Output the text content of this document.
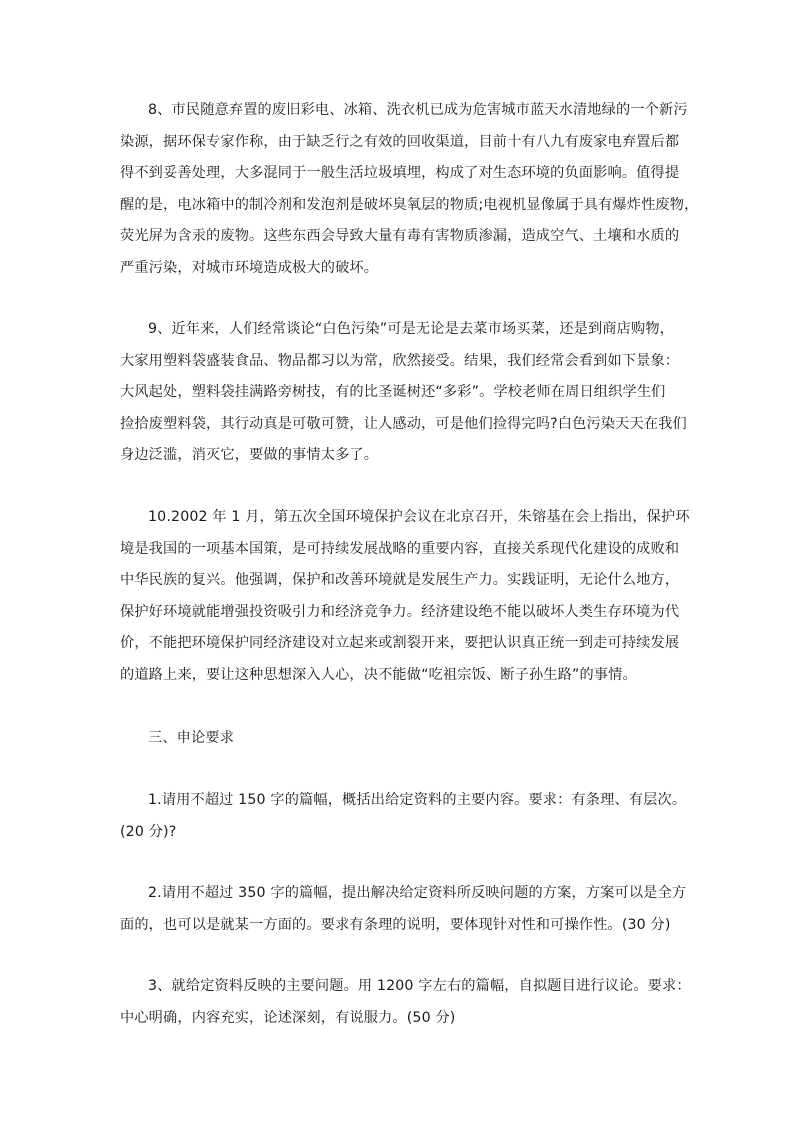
8、市民随意弃置的废旧彩电、冰箱、洗衣机已成为危害城市蓝天水清地绿的一个新污
染源，据环保专家作称，由于缺乏行之有效的回收渠道，目前十有八九有废家电弃置后都
得不到妥善处理，大多混同于一般生活垃圾填埋，构成了对生态环境的负面影响。值得提
醒的是，电冰箱中的制冷剂和发泡剂是破坏臭氧层的物质;电视机显像属于具有爆炸性废物，
荧光屏为含汞的废物。这些东西会导致大量有毒有害物质渗漏，造成空气、土壤和水质的
严重污染，对城市环境造成极大的破坏。
9、近年来，人们经常谈论“白色污染”可是无论是去菜市场买菜，还是到商店购物，
大家用塑料袋盛装食品、物品都习以为常，欣然接受。结果，我们经常会看到如下景象：
大风起处，塑料袋挂满路旁树技，有的比圣诞树还“多彩”。学校老师在周日组织学生们
捡拾废塑料袋，其行动真是可敬可赞，让人感动，可是他们捡得完吗?白色污染天天在我们
身边泛滥，消灭它，要做的事情太多了。
10.2002 年 1 月，第五次全国环境保护会议在北京召开，朱镕基在会上指出，保护环
境是我国的一项基本国策，是可持续发展战略的重要内容，直接关系现代化建设的成败和
中华民族的复兴。他强调，保护和改善环境就是发展生产力。实践证明，无论什么地方，
保护好环境就能增强投资吸引力和经济竞争力。经济建设绝不能以破坏人类生存环境为代
价，不能把环境保护同经济建设对立起来或割裂开来，要把认识真正统一到走可持续发展
的道路上来，要让这种思想深入人心，决不能做“吃祖宗饭、断子孙生路”的事情。
三、申论要求
1.请用不超过 150 字的篇幅，概括出给定资料的主要内容。要求：有条理、有层次。
(20 分)?
2.请用不超过 350 字的篇幅，提出解决给定资料所反映问题的方案，方案可以是全方
面的，也可以是就某一方面的。要求有条理的说明，要体现针对性和可操作性。(30 分)
3、就给定资料反映的主要问题。用 1200 字左右的篇幅，自拟题目进行议论。要求：
中心明确，内容充实，论述深刻，有说服力。(50 分)
